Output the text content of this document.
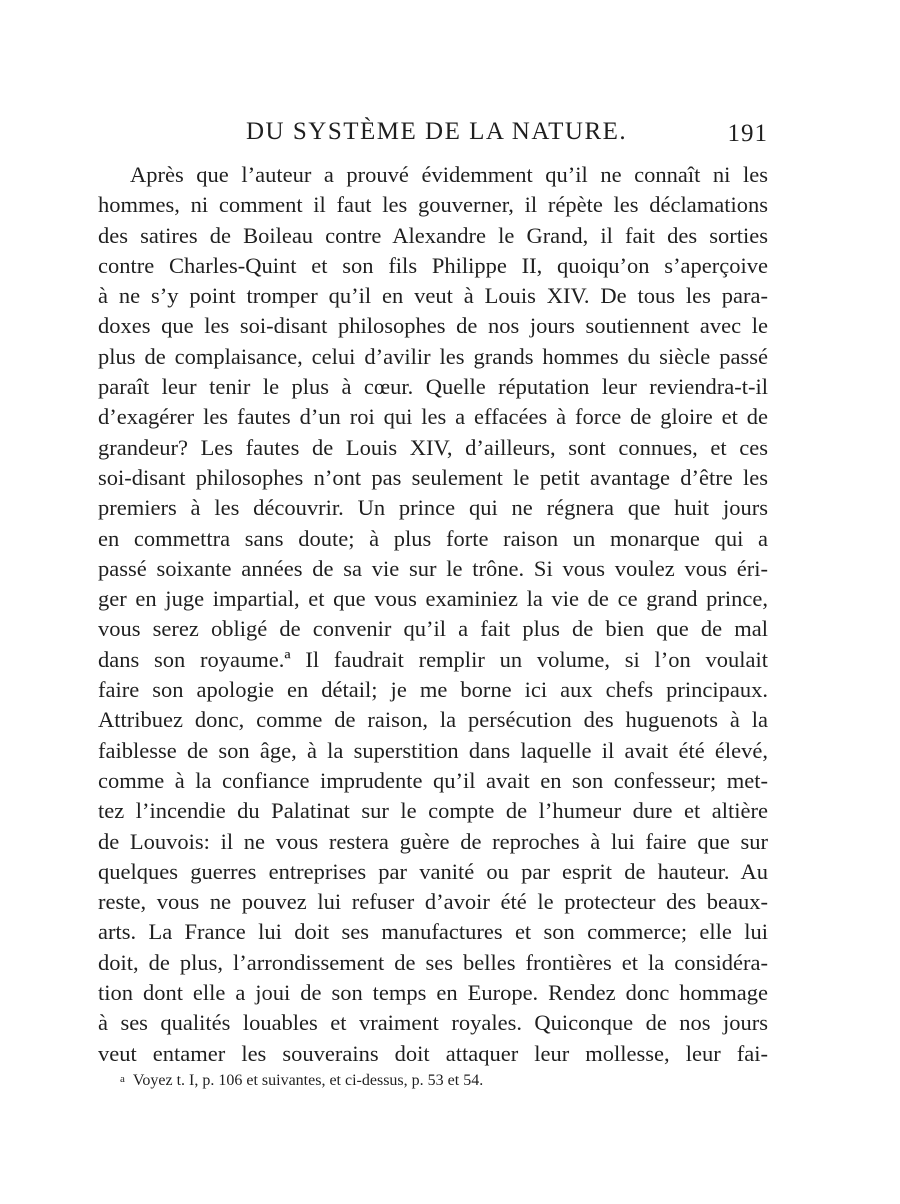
DU SYSTÈME DE LA NATURE.	191
Après que l’auteur a prouvé évidemment qu’il ne connaît ni les
hommes, ni comment il faut les gouverner, il répète les déclamations
des satires de Boileau contre Alexandre le Grand, il fait des sorties
contre Charles-Quint et son fils Philippe II, quoiqu’on s’aperçoive
à ne s’y point tromper qu’il en veut à Louis XIV. De tous les para-
doxes que les soi-disant philosophes de nos jours soutiennent avec le
plus de complaisance, celui d’avilir les grands hommes du siècle passé
paraît leur tenir le plus à cœur. Quelle réputation leur reviendra-t-il
d’exagérer les fautes d’un roi qui les a effacées à force de gloire et de
grandeur? Les fautes de Louis XIV, d’ailleurs, sont connues, et ces
soi-disant philosophes n’ont pas seulement le petit avantage d’être les
premiers à les découvrir. Un prince qui ne régnera que huit jours
en commettra sans doute; à plus forte raison un monarque qui a
passé soixante années de sa vie sur le trône. Si vous voulez vous éri-
ger en juge impartial, et que vous examiniez la vie de ce grand prince,
vous serez obligé de convenir qu’il a fait plus de bien que de mal
dans son royaume.ª Il faudrait remplir un volume, si l’on voulait
faire son apologie en détail; je me borne ici aux chefs principaux.
Attribuez donc, comme de raison, la persécution des huguenots à la
faiblesse de son âge, à la superstition dans laquelle il avait été élevé,
comme à la confiance imprudente qu’il avait en son confesseur; met-
tez l’incendie du Palatinat sur le compte de l’humeur dure et altière
de Louvois: il ne vous restera guère de reproches à lui faire que sur
quelques guerres entreprises par vanité ou par esprit de hauteur. Au
reste, vous ne pouvez lui refuser d’avoir été le protecteur des beaux-
arts. La France lui doit ses manufactures et son commerce; elle lui
doit, de plus, l’arrondissement de ses belles frontières et la considéra-
tion dont elle a joui de son temps en Europe. Rendez donc hommage
à ses qualités louables et vraiment royales. Quiconque de nos jours
veut entamer les souverains doit attaquer leur mollesse, leur fai-
a Voyez t. I, p. 106 et suivantes, et ci-dessus, p. 53 et 54.
